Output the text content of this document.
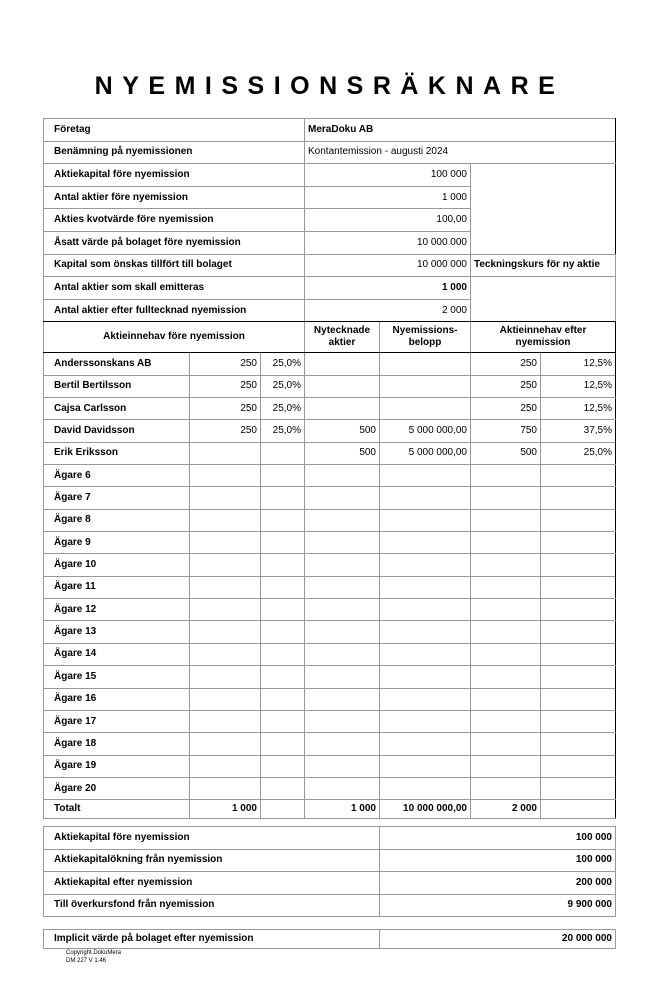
NYEMISSIONSRÄKNARE
Företag			MeraDoku AB				
Benämning på nyemissionen			Kontantemission - augusti 2024				
Aktiekapital före nyemission			100 000				
Antal aktier före nyemission			1 000				
Akties kvotvärde före nyemission			100,00				
Åsatt värde på bolaget före nyemission			10 000 000				
Kapital som önskas tillfört till bolaget			10 000 000		Teckningskurs för ny aktie	
Antal aktier som skall emitteras			1 000				
Antal aktier efter fulltecknad nyemission			2 000				
Aktieinnehav före nyemission			Nytecknade aktier	Nyemissions-belopp	Aktieinnehav efter nyemission		
Anderssonskans AB	250	25,0%			250	12,5%	
Bertil Bertilsson	250	25,0%			250	12,5%	
Cajsa Carlsson	250	25,0%			250	12,5%	
David Davidsson	250	25,0%	500	5 000 000,00	750	37,5%	
Erik Eriksson			500	5 000 000,00	500	25,0%	
Ägare 6							
Ägare 7							
Ägare 8							
Ägare 9							
Ägare 10							
Ägare 11							
Ägare 12							
Ägare 13							
Ägare 14							
Ägare 15							
Ägare 16							
Ägare 17							
Ägare 18							
Ägare 19							
Ägare 20							
Totalt	1 000		1 000	10 000 000,00	2 000		
Aktiekapital före nyemission	100 000
Aktiekapitalökning från nyemission	100 000
Aktiekapital efter nyemission	200 000
Till överkursfond från nyemission	9 900 000
Implicit värde på bolaget efter nyemission	20 000 000
Copyright DokuMera
DM 227 V 1.46
